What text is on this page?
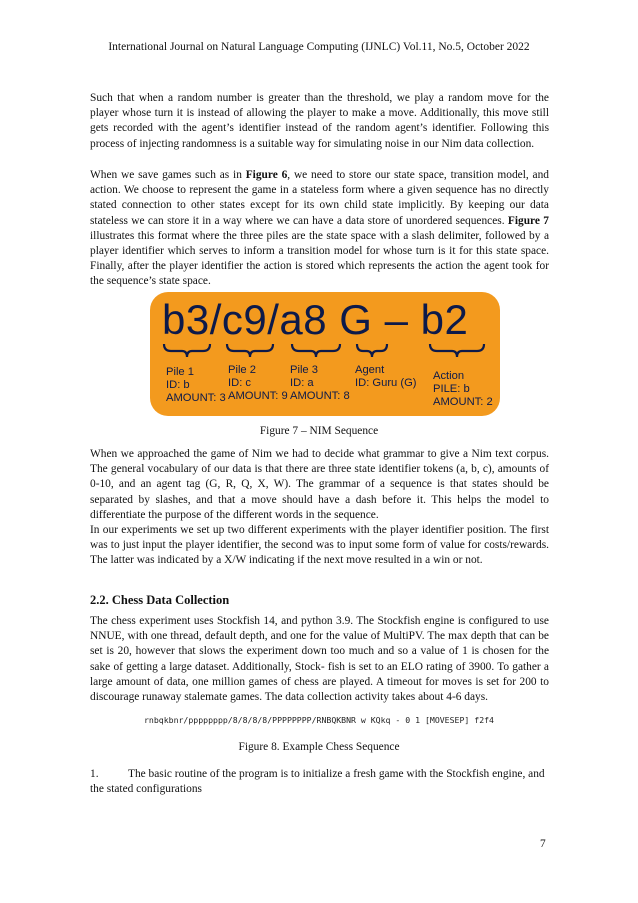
International Journal on Natural Language Computing (IJNLC) Vol.11, No.5, October 2022

Such that when a random number is greater than the threshold, we play a random move for the player whose turn it is instead of allowing the player to make a move. Additionally, this move still gets recorded with the agent’s identifier instead of the random agent’s identifier. Following this process of injecting randomness is a suitable way for simulating noise in our Nim data collection.

When we save games such as in Figure 6, we need to store our state space, transition model, and action. We choose to represent the game in a stateless form where a given sequence has no directly stated connection to other states except for its own child state implicitly. By keeping our data stateless we can store it in a way where we can have a data store of unordered sequences. Figure 7 illustrates this format where the three piles are the state space with a slash delimiter, followed by a player identifier which serves to inform a transition model for whose turn is it for this state space. Finally, after the player identifier the action is stored which represents the action the agent took for the sequence’s state space.

b3/c9/a8 G – b2
Pile 1
ID: b
AMOUNT: 3
Pile 2
ID: c
AMOUNT: 9
Pile 3
ID: a
AMOUNT: 8
Agent
ID: Guru (G)
Action
PILE: b
AMOUNT: 2
Figure 7 – NIM Sequence

When we approached the game of Nim we had to decide what grammar to give a Nim text corpus. The general vocabulary of our data is that there are three state identifier tokens (a, b, c), amounts of 0-10, and an agent tag (G, R, Q, X, W). The grammar of a sequence is that states should be separated by slashes, and that a move should have a dash before it. This helps the model to differentiate the purpose of the different words in the sequence.

In our experiments we set up two different experiments with the player identifier position. The first was to just input the player identifier, the second was to input some form of value for costs/rewards. The latter was indicated by a X/W indicating if the next move resulted in a win or not.

2.2. Chess Data Collection

The chess experiment uses Stockfish 14, and python 3.9. The Stockfish engine is configured to use NNUE, with one thread, default depth, and one for the value of MultiPV. The max depth that can be set is 20, however that slows the experiment down too much and so a value of 1 is chosen for the sake of getting a large dataset. Additionally, Stock- fish is set to an ELO rating of 3900. To gather a large amount of data, one million games of chess are played. A timeout for moves is set for 200 to discourage runaway stalemate games. The data collection activity takes about 4-6 days.

rnbqkbnr/pppppppp/8/8/8/8/PPPPPPPP/RNBQKBNR w KQkq - 0 1 [MOVESEP] f2f4
Figure 8. Example Chess Sequence

1.	The basic routine of the program is to initialize a fresh game with the Stockfish engine, and the stated configurations

7
